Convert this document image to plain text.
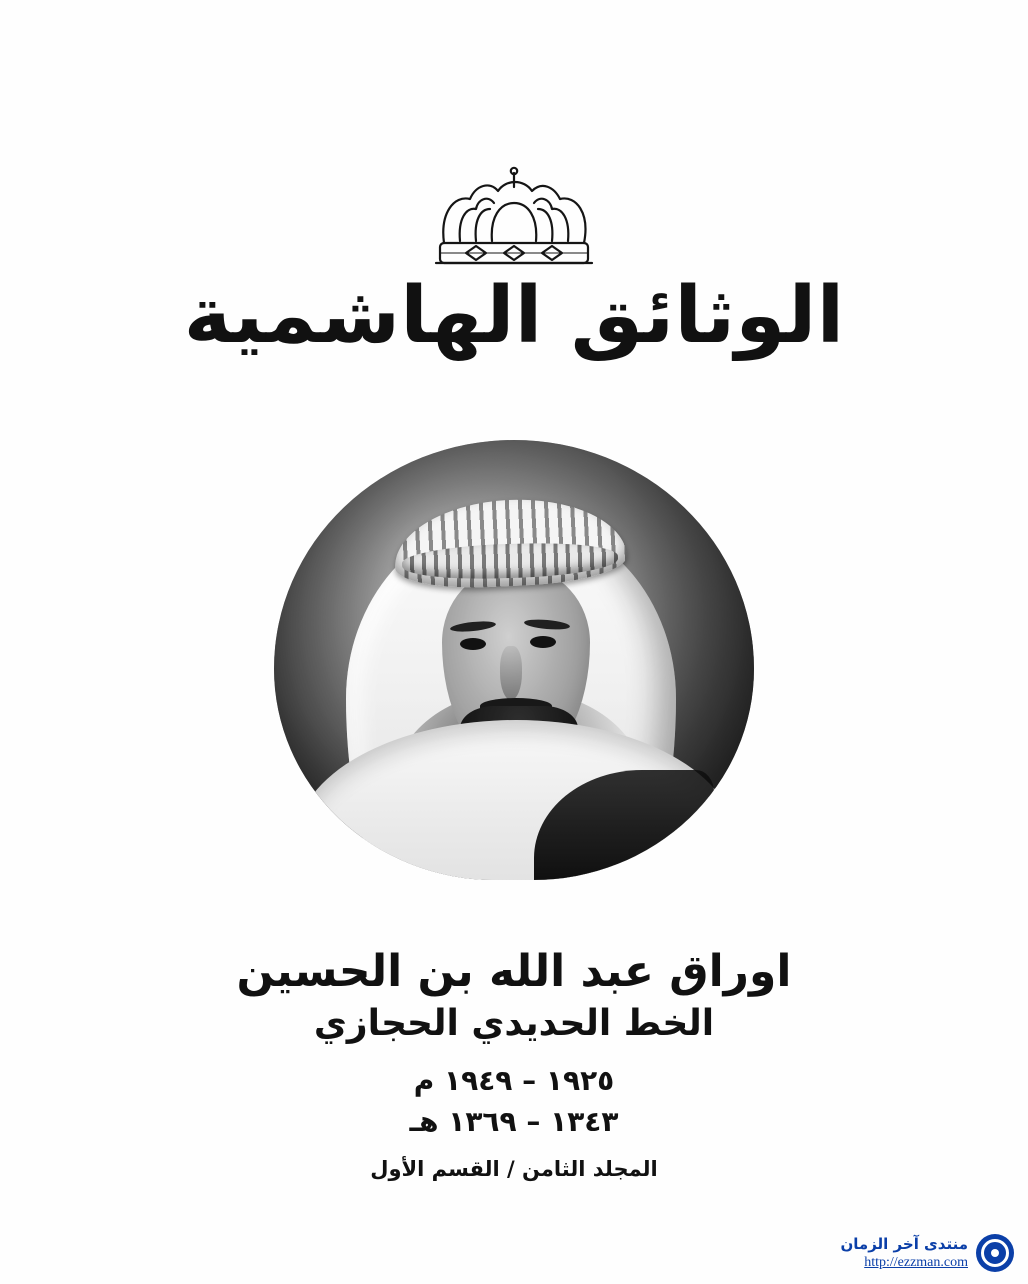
الوثائق الهاشمية
اوراق عبد الله بن الحسين
الخط الحديدي الحجازي
١٩٢٥ – ١٩٤٩ م
١٣٤٣ – ١٣٦٩ هـ
المجلد الثامن / القسم الأول
منتدى آخر الزمان
http://ezzman.com
